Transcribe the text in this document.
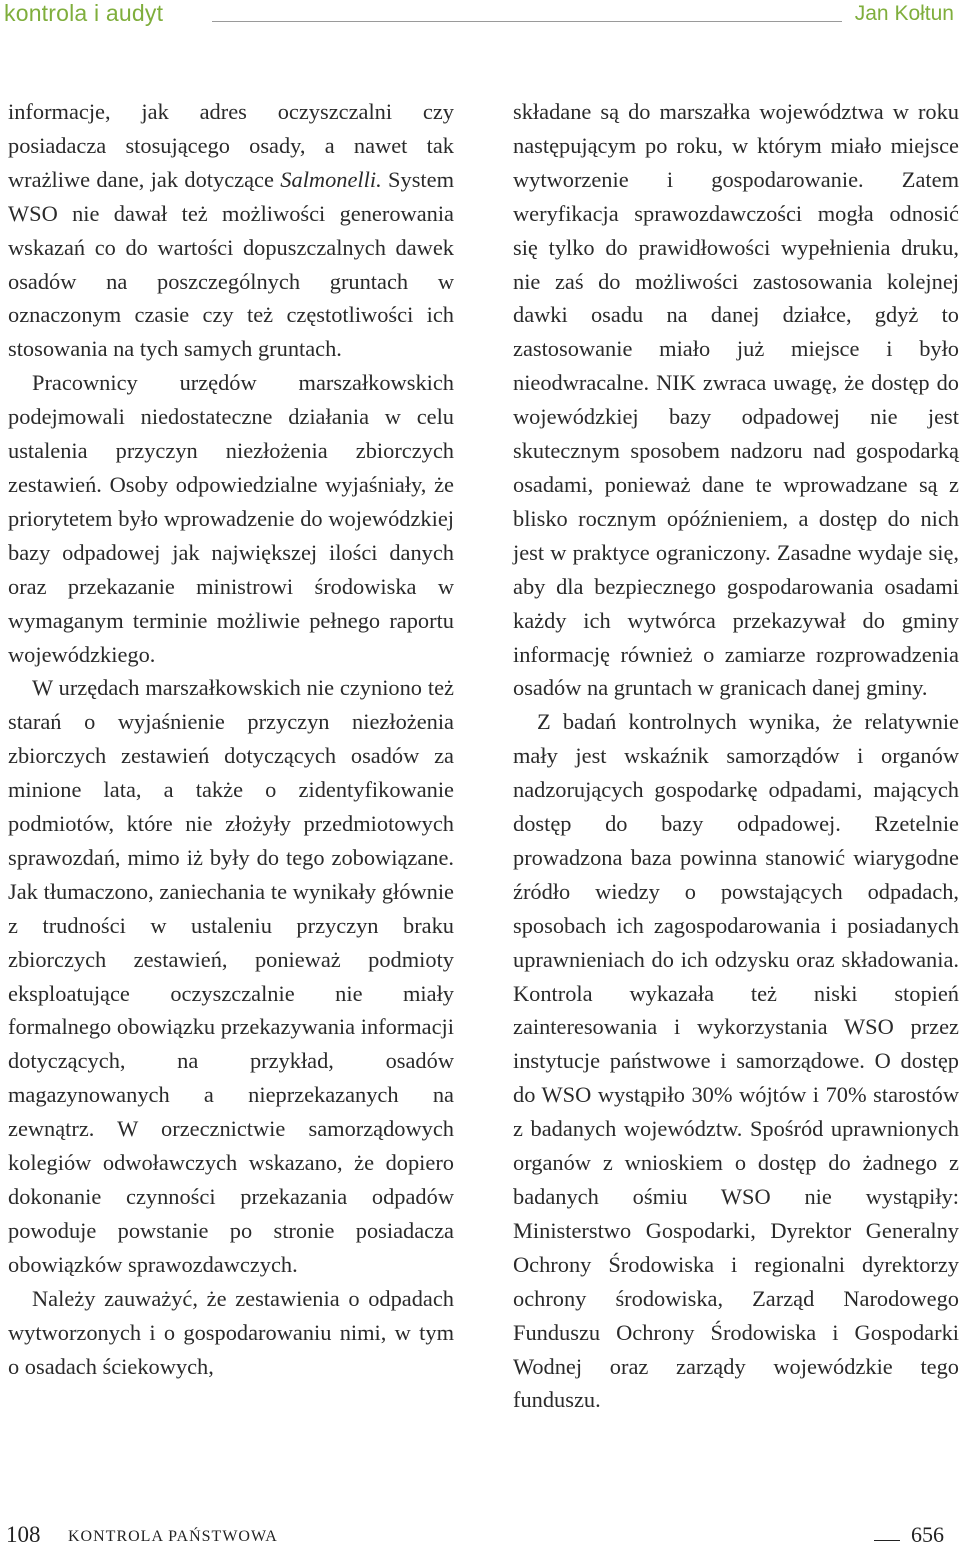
kontrola i audyt	Jan Kołtun

informacje, jak adres oczyszczalni czy posiadacza stosującego osady, a nawet tak wrażliwe dane, jak dotyczące Salmonelli. System WSO nie dawał też możliwości generowania wskazań co do wartości dopuszczalnych dawek osadów na poszczególnych gruntach w oznaczonym czasie czy też częstotliwości ich stosowania na tych samych gruntach.

Pracownicy urzędów marszałkowskich podejmowali niedostateczne działania w celu ustalenia przyczyn niezłożenia zbiorczych zestawień. Osoby odpowiedzialne wyjaśniały, że priorytetem było wprowadzenie do wojewódzkiej bazy odpadowej jak największej ilości danych oraz przekazanie ministrowi środowiska w wymaganym terminie możliwie pełnego raportu wojewódzkiego.

W urzędach marszałkowskich nie czyniono też starań o wyjaśnienie przyczyn niezłożenia zbiorczych zestawień dotyczących osadów za minione lata, a także o zidentyfikowanie podmiotów, które nie złożyły przedmiotowych sprawozdań, mimo iż były do tego zobowiązane. Jak tłumaczono, zaniechania te wynikały głównie z trudności w ustaleniu przyczyn braku zbiorczych zestawień, ponieważ podmioty eksploatujące oczyszczalnie nie miały formalnego obowiązku przekazywania informacji dotyczących, na przykład, osadów magazynowanych a nieprzekazanych na zewnątrz. W orzecznictwie samorządowych kolegiów odwoławczych wskazano, że dopiero dokonanie czynności przekazania odpadów powoduje powstanie po stronie posiadacza obowiązków sprawozdawczych.

Należy zauważyć, że zestawienia o odpadach wytworzonych i o gospodarowaniu nimi, w tym o osadach ściekowych,

składane są do marszałka województwa w roku następującym po roku, w którym miało miejsce wytworzenie i gospodarowanie. Zatem weryfikacja sprawozdawczości mogła odnosić się tylko do prawidłowości wypełnienia druku, nie zaś do możliwości zastosowania kolejnej dawki osadu na danej działce, gdyż to zastosowanie miało już miejsce i było nieodwracalne. NIK zwraca uwagę, że dostęp do wojewódzkiej bazy odpadowej nie jest skutecznym sposobem nadzoru nad gospodarką osadami, ponieważ dane te wprowadzane są z blisko rocznym opóźnieniem, a dostęp do nich jest w praktyce ograniczony. Zasadne wydaje się, aby dla bezpiecznego gospodarowania osadami każdy ich wytwórca przekazywał do gminy informację również o zamiarze rozprowadzenia osadów na gruntach w granicach danej gminy.

Z badań kontrolnych wynika, że relatywnie mały jest wskaźnik samorządów i organów nadzorujących gospodarkę odpadami, mających dostęp do bazy odpadowej. Rzetelnie prowadzona baza powinna stanowić wiarygodne źródło wiedzy o powstających odpadach, sposobach ich zagospodarowania i posiadanych uprawnieniach do ich odzysku oraz składowania. Kontrola wykazała też niski stopień zainteresowania i wykorzystania WSO przez instytucje państwowe i samorządowe. O dostęp do WSO wystąpiło 30% wójtów i 70% starostów z badanych województw. Spośród uprawnionych organów z wnioskiem o dostęp do żadnego z badanych ośmiu WSO nie wystąpiły: Ministerstwo Gospodarki, Dyrektor Generalny Ochrony Środowiska i regionalni dyrektorzy ochrony środowiska, Zarząd Narodowego Funduszu Ochrony Środowiska i Gospodarki Wodnej oraz zarządy wojewódzkie tego funduszu.

108 KONTROLA PAŃSTWOWA	656
